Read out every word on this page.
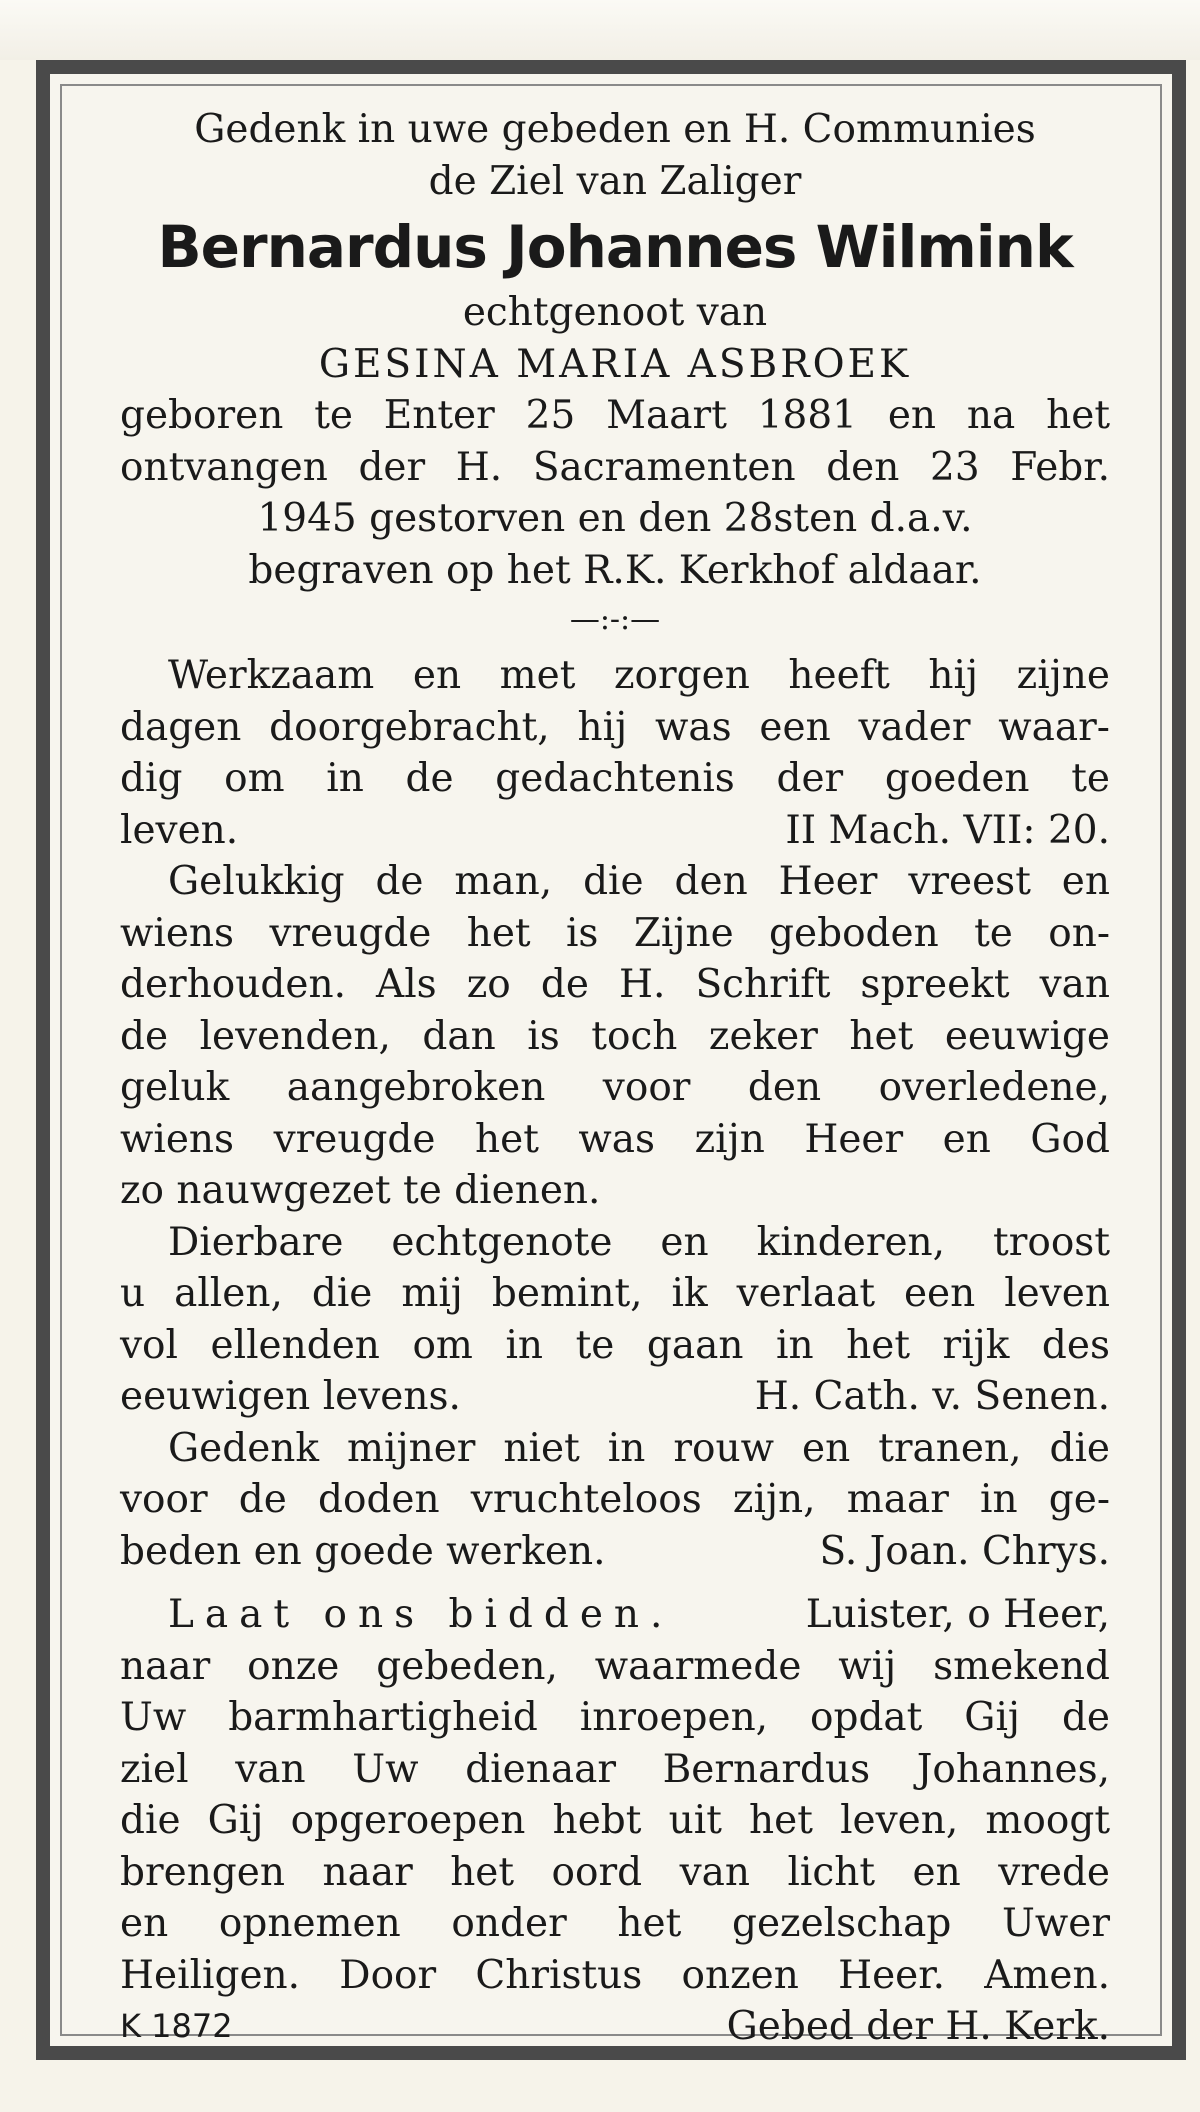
Gedenk in uwe gebeden en H. Communies
de Ziel van Zaliger
Bernardus Johannes Wilmink
echtgenoot van
GESINA MARIA ASBROEK
geboren te Enter 25 Maart 1881 en na het
ontvangen der H. Sacramenten den 23 Febr.
1945 gestorven en den 28sten d.a.v.
begraven op het R.K. Kerkhof aldaar.
—:-:—
Werkzaam en met zorgen heeft hij zijne
dagen doorgebracht, hij was een vader waar-
dig om in de gedachtenis der goeden te
leven.	II Mach. VII: 20.
Gelukkig de man, die den Heer vreest en
wiens vreugde het is Zijne geboden te on-
derhouden. Als zo de H. Schrift spreekt van
de levenden, dan is toch zeker het eeuwige
geluk aangebroken voor den overledene,
wiens vreugde het was zijn Heer en God
zo nauwgezet te dienen.
Dierbare echtgenote en kinderen, troost
u allen, die mij bemint, ik verlaat een leven
vol ellenden om in te gaan in het rijk des
eeuwigen levens.	H. Cath. v. Senen.
Gedenk mijner niet in rouw en tranen, die
voor de doden vruchteloos zijn, maar in ge-
beden en goede werken.	S. Joan. Chrys.
Laat ons bidden.	Luister, o Heer,
naar onze gebeden, waarmede wij smekend
Uw barmhartigheid inroepen, opdat Gij de
ziel van Uw dienaar Bernardus Johannes,
die Gij opgeroepen hebt uit het leven, moogt
brengen naar het oord van licht en vrede
en opnemen onder het gezelschap Uwer
Heiligen. Door Christus onzen Heer. Amen.
K 1872	Gebed der H. Kerk.
